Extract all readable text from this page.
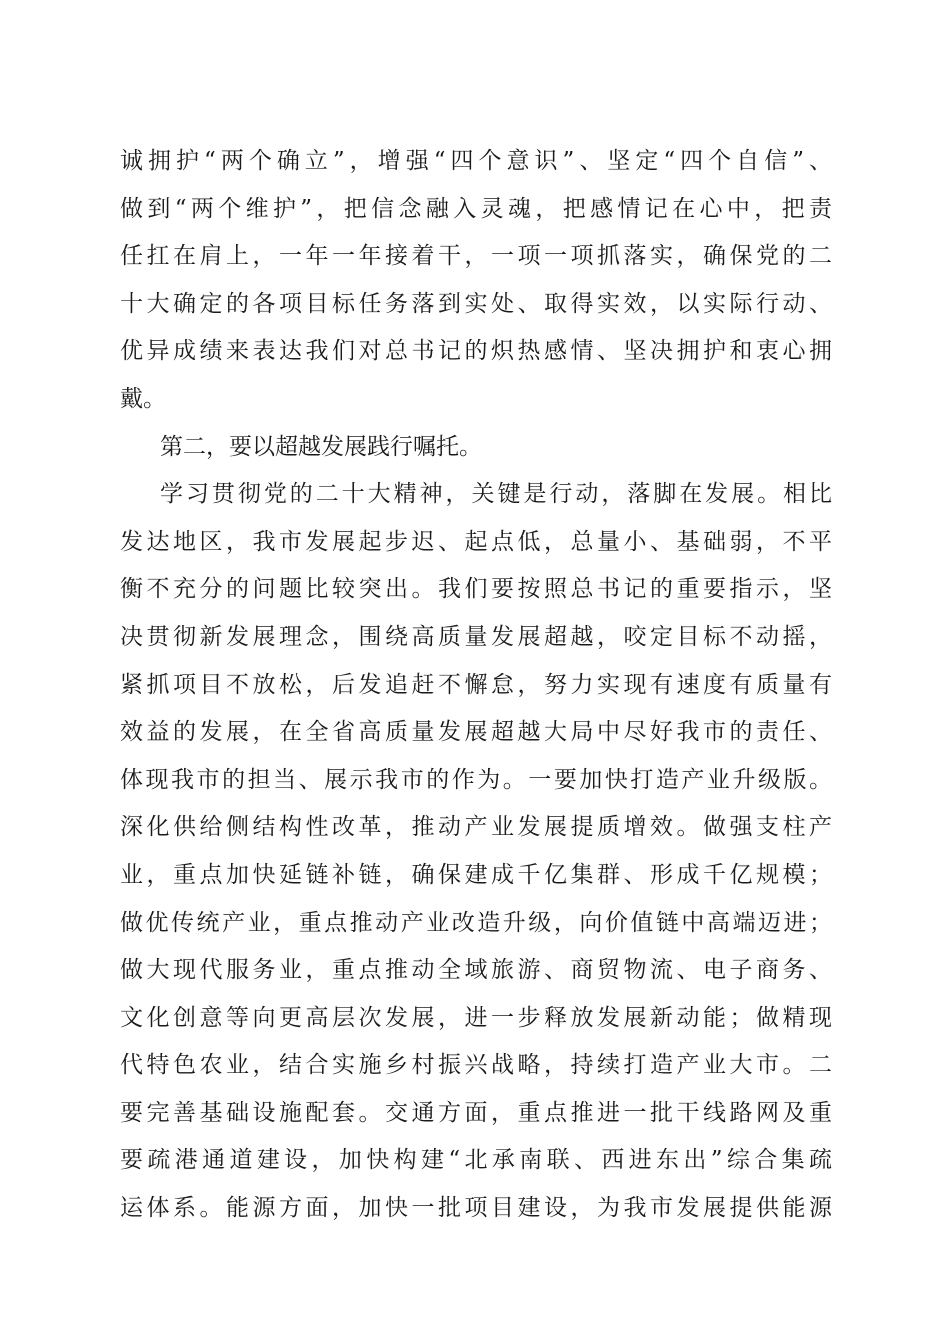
诚拥护“两个确立”，增强“四个意识”、坚定“四个自信”、
做到“两个维护”，把信念融入灵魂，把感情记在心中，把责
任扛在肩上，一年一年接着干，一项一项抓落实，确保党的二
十大确定的各项目标任务落到实处、取得实效，以实际行动、
优异成绩来表达我们对总书记的炽热感情、坚决拥护和衷心拥
戴。
第二，要以超越发展践行嘱托。
学习贯彻党的二十大精神，关键是行动，落脚在发展。相比
发达地区，我市发展起步迟、起点低，总量小、基础弱，不平
衡不充分的问题比较突出。我们要按照总书记的重要指示，坚
决贯彻新发展理念，围绕高质量发展超越，咬定目标不动摇，
紧抓项目不放松，后发追赶不懈怠，努力实现有速度有质量有
效益的发展，在全省高质量发展超越大局中尽好我市的责任、
体现我市的担当、展示我市的作为。一要加快打造产业升级版。
深化供给侧结构性改革，推动产业发展提质增效。做强支柱产
业，重点加快延链补链，确保建成千亿集群、形成千亿规模；
做优传统产业，重点推动产业改造升级，向价值链中高端迈进；
做大现代服务业，重点推动全域旅游、商贸物流、电子商务、
文化创意等向更高层次发展，进一步释放发展新动能；做精现
代特色农业，结合实施乡村振兴战略，持续打造产业大市。二
要完善基础设施配套。交通方面，重点推进一批干线路网及重
要疏港通道建设，加快构建“北承南联、西进东出”综合集疏
运体系。能源方面，加快一批项目建设，为我市发展提供能源
